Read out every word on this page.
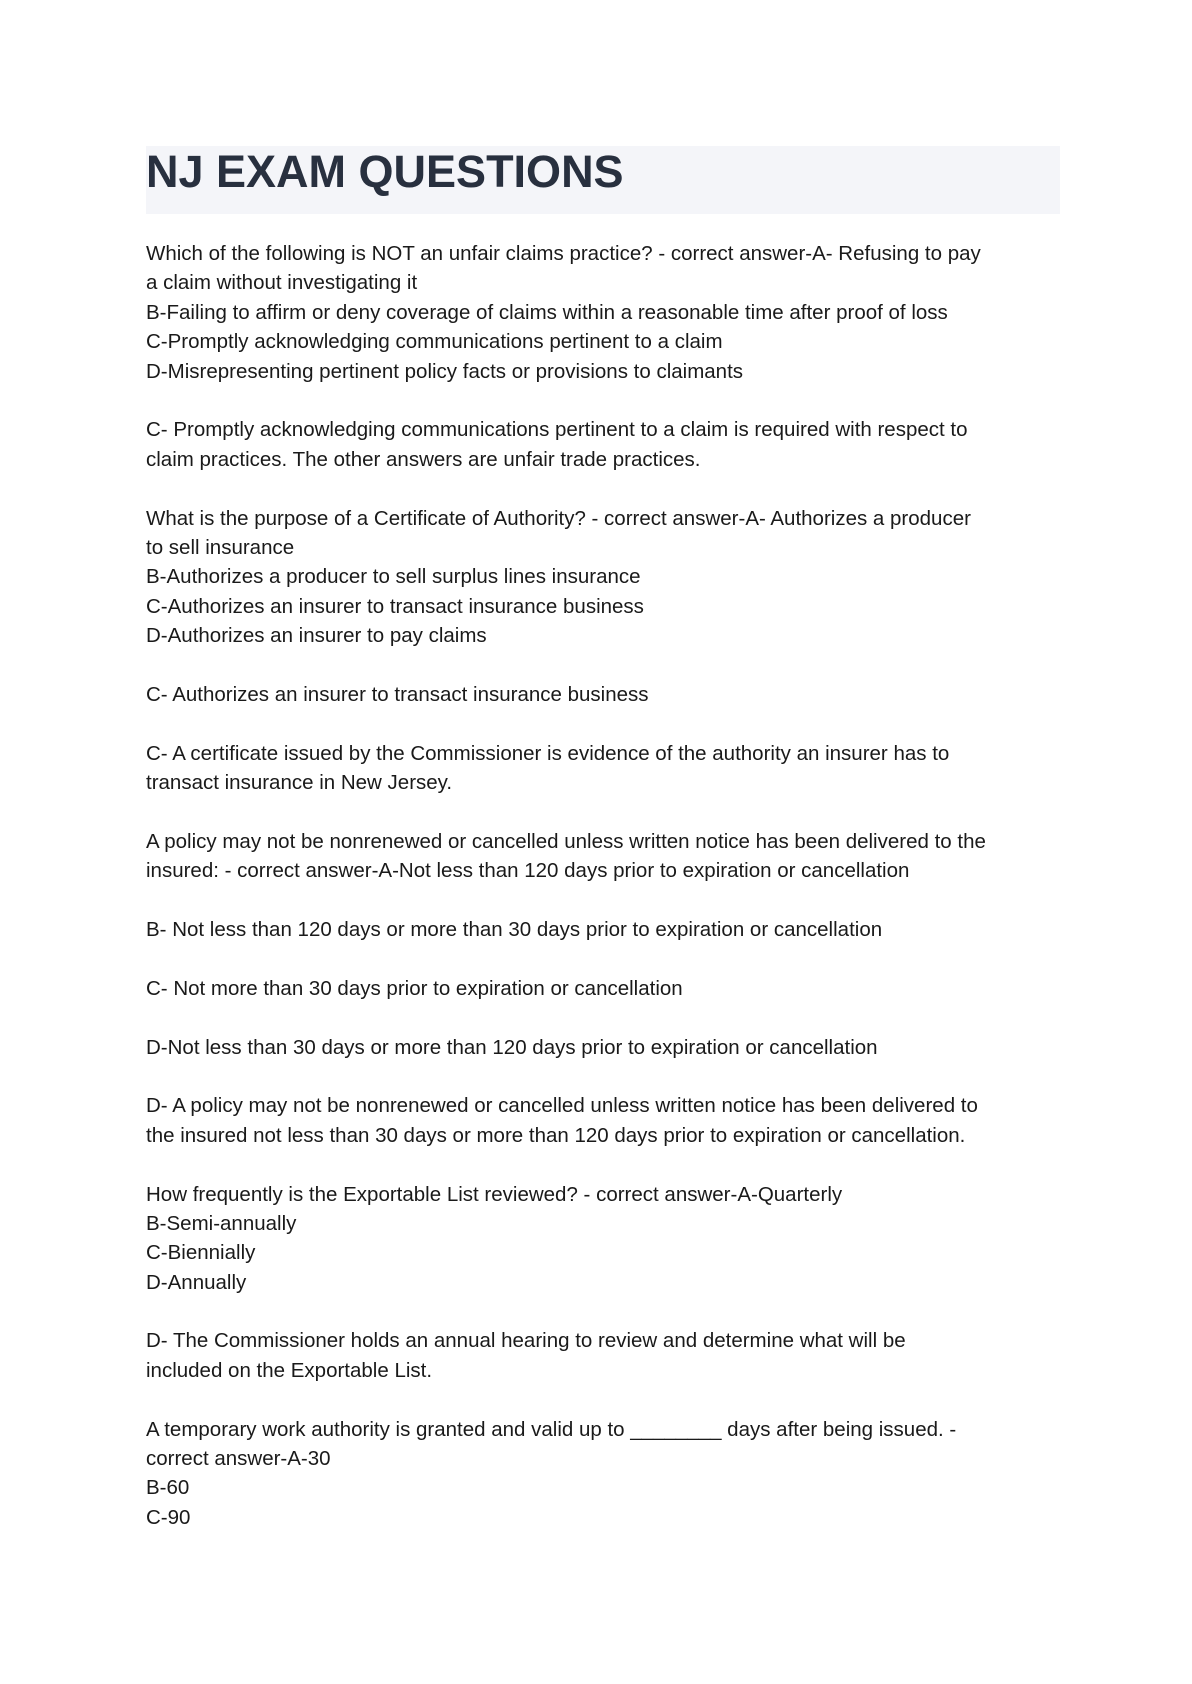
NJ EXAM QUESTIONS
Which of the following is NOT an unfair claims practice? - correct answer-A- Refusing to pay
a claim without investigating it
B-Failing to affirm or deny coverage of claims within a reasonable time after proof of loss
C-Promptly acknowledging communications pertinent to a claim
D-Misrepresenting pertinent policy facts or provisions to claimants
C- Promptly acknowledging communications pertinent to a claim is required with respect to
claim practices. The other answers are unfair trade practices.
What is the purpose of a Certificate of Authority? - correct answer-A- Authorizes a producer
to sell insurance
B-Authorizes a producer to sell surplus lines insurance
C-Authorizes an insurer to transact insurance business
D-Authorizes an insurer to pay claims
C- Authorizes an insurer to transact insurance business
C- A certificate issued by the Commissioner is evidence of the authority an insurer has to
transact insurance in New Jersey.
A policy may not be nonrenewed or cancelled unless written notice has been delivered to the
insured: - correct answer-A-Not less than 120 days prior to expiration or cancellation
B- Not less than 120 days or more than 30 days prior to expiration or cancellation
C- Not more than 30 days prior to expiration or cancellation
D-Not less than 30 days or more than 120 days prior to expiration or cancellation
D- A policy may not be nonrenewed or cancelled unless written notice has been delivered to
the insured not less than 30 days or more than 120 days prior to expiration or cancellation.
How frequently is the Exportable List reviewed? - correct answer-A-Quarterly
B-Semi-annually
C-Biennially
D-Annually
D- The Commissioner holds an annual hearing to review and determine what will be
included on the Exportable List.
A temporary work authority is granted and valid up to ________ days after being issued. -
correct answer-A-30
B-60
C-90
